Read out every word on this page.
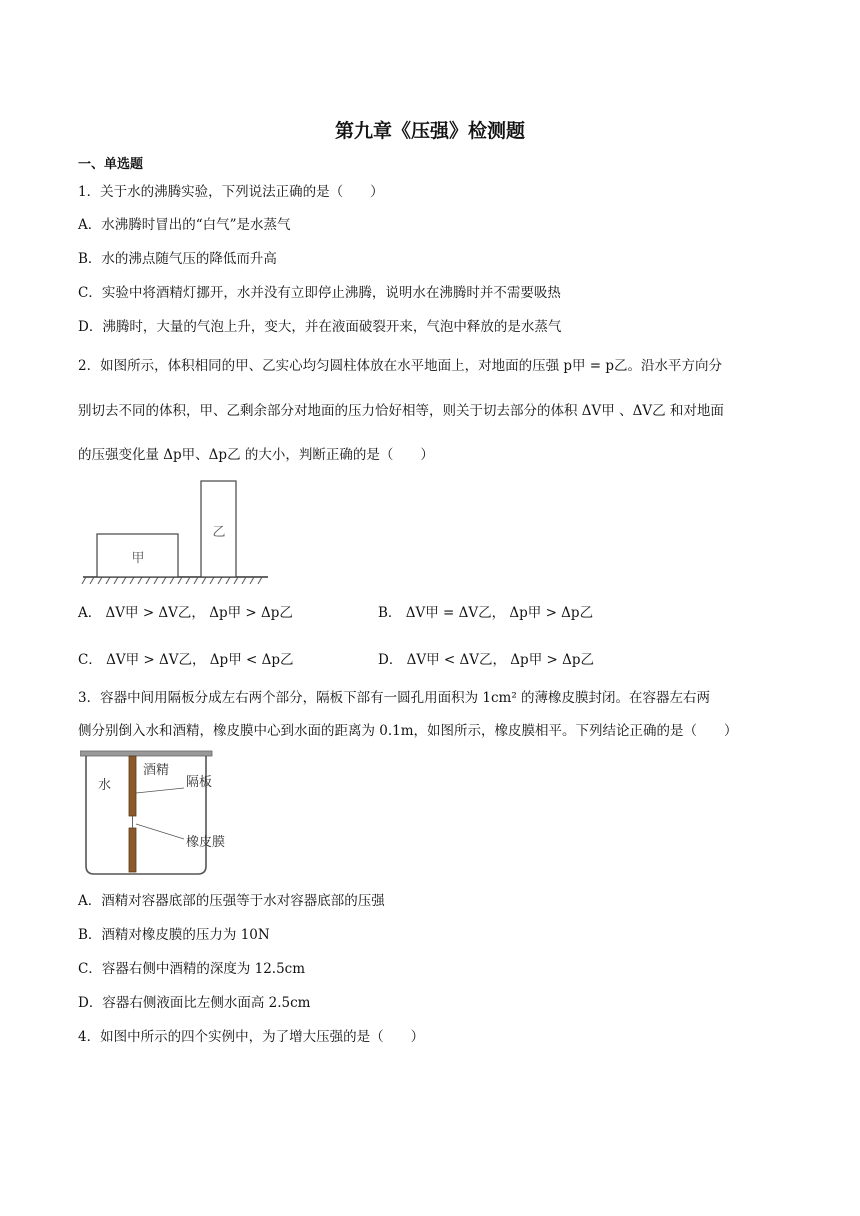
第九章《压强》检测题
一、单选题
1．关于水的沸腾实验，下列说法正确的是（　　）
A．水沸腾时冒出的“白气”是水蒸气
B．水的沸点随气压的降低而升高
C．实验中将酒精灯挪开，水并没有立即停止沸腾，说明水在沸腾时并不需要吸热
D．沸腾时，大量的气泡上升，变大，并在液面破裂开来，气泡中释放的是水蒸气
2．如图所示，体积相同的甲、乙实心均匀圆柱体放在水平地面上，对地面的压强 p甲 = p乙。沿水平方向分
别切去不同的体积，甲、乙剩余部分对地面的压力恰好相等，则关于切去部分的体积 ΔV甲 、ΔV乙 和对地面
的压强变化量 Δp甲、Δp乙 的大小，判断正确的是（　　）
甲
乙
A． ΔV甲 > ΔV乙， Δp甲 > Δp乙	B． ΔV甲 = ΔV乙， Δp甲 > Δp乙
C． ΔV甲 > ΔV乙， Δp甲 < Δp乙	D． ΔV甲 < ΔV乙， Δp甲 > Δp乙
3．容器中间用隔板分成左右两个部分，隔板下部有一圆孔用面积为 1cm² 的薄橡皮膜封闭。在容器左右两
侧分别倒入水和酒精，橡皮膜中心到水面的距离为 0.1m，如图所示，橡皮膜相平。下列结论正确的是（　　）
水
酒精
隔板
橡皮膜
A．酒精对容器底部的压强等于水对容器底部的压强
B．酒精对橡皮膜的压力为 10N
C．容器右侧中酒精的深度为 12.5cm
D．容器右侧液面比左侧水面高 2.5cm
4．如图中所示的四个实例中，为了增大压强的是（　　）
